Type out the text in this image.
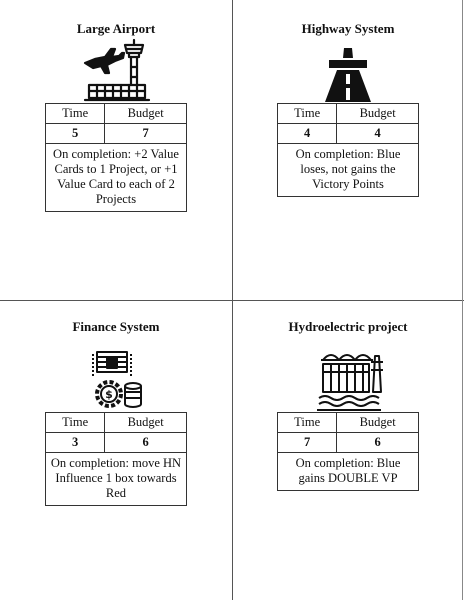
Large Airport
Time	Budget
5	7
On completion: +2 Value Cards to 1 Project, or +1 Value Card to each of 2 Projects	
Highway System
Time	Budget
4	4
On completion: Blue loses, not gains the Victory Points	
Finance System
$
Time	Budget
3	6
On completion: move HN Influence 1 box towards Red	
Hydroelectric project
Time	Budget
7	6
On completion: Blue gains DOUBLE VP	
